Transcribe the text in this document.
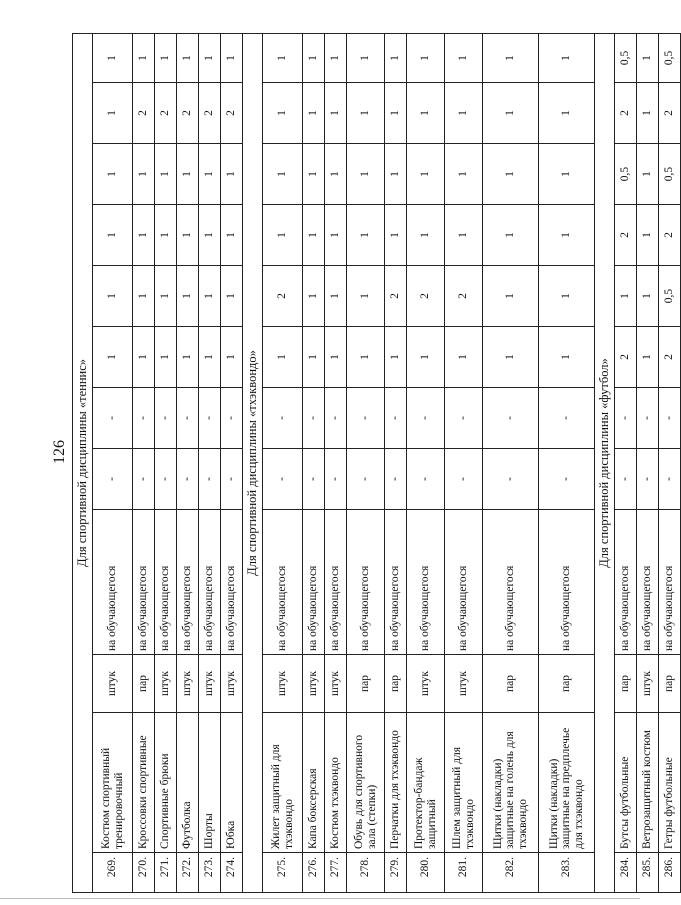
126 Для спортивной дисциплины «теннис»											
269.	Костюм спортивный тренировочный	штук	на обучающегося	-	-	1	1	1	1	1	1
270.	Кроссовки спортивные	пар	на обучающегося	-	-	1	1	1	1	2	1
271.	Спортивные брюки	штук	на обучающегося	-	-	1	1	1	1	2	1
272.	Футболка	штук	на обучающегося	-	-	1	1	1	1	2	1
273.	Шорты	штук	на обучающегося	-	-	1	1	1	1	2	1
274.	Юбка	штук	на обучающегося	-	-	1	1	1	1	2	1
Для спортивной дисциплины «тхэквондо»											
275.	Жилет защитный для тхэквондо	штук	на обучающегося	-	-	1	2	1	1	1	1
276.	Капа боксерская	штук	на обучающегося	-	-	1	1	1	1	1	1
277.	Костюм тхэквондо	штук	на обучающегося	-	-	1	1	1	1	1	1
278.	Обувь для спортивного зала (степки)	пар	на обучающегося	-	-	1	1	1	1	1	1
279.	Перчатки для тхэквондо	пар	на обучающегося	-	-	1	2	1	1	1	1
280.	Протектор-бандаж защитный	штук	на обучающегося	-	-	1	2	1	1	1	1
281.	Шлем защитный для тхэквондо	штук	на обучающегося	-	-	1	2	1	1	1	1
282.	Щитки (накладки) защитные на голень для тхэквондо	пар	на обучающегося	-	-	1	1	1	1	1	1
283.	Щитки (накладки) защитные на предплечье для тхэквондо	пар	на обучающегося	-	-	1	1	1	1	1	1
Для спортивной дисциплины «футбол»											
284.	Бутсы футбольные	пар	на обучающегося	-	-	2	1	2	0,5	2	0,5
285.	Ветрозащитный костюм	штук	на обучающегося	-	-	1	1	1	1	1	1
286.	Гетры футбольные	пар	на обучающегося	-	-	2	0,5	2	0,5	2	0,5
